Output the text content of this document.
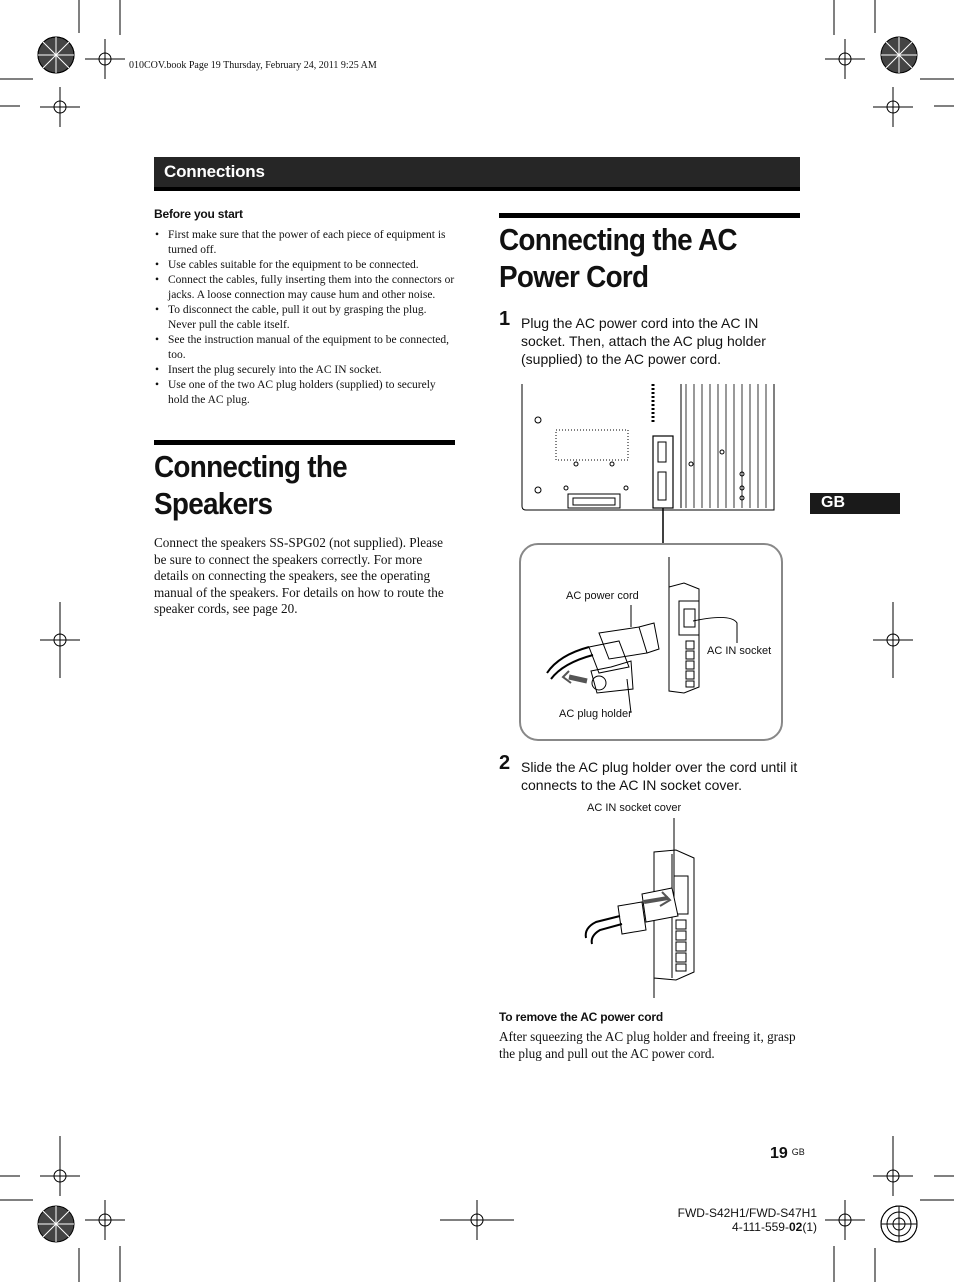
010COV.book Page 19 Thursday, February 24, 2011 9:25 AM
Connections
Before you start
• First make sure that the power of each piece of equipment is turned off.
• Use cables suitable for the equipment to be connected.
• Connect the cables, fully inserting them into the connectors or jacks. A loose connection may cause hum and other noise.
• To disconnect the cable, pull it out by grasping the plug. Never pull the cable itself.
• See the instruction manual of the equipment to be connected, too.
• Insert the plug securely into the AC IN socket.
• Use one of the two AC plug holders (supplied) to securely hold the AC plug.
Connecting the
Speakers
Connect the speakers SS-SPG02 (not supplied). Please be sure to connect the speakers correctly. For more details on connecting the speakers, see the operating manual of the speakers. For details on how to route the speaker cords, see page 20.
Connecting the AC
Power Cord
1 Plug the AC power cord into the AC IN socket. Then, attach the AC plug holder (supplied) to the AC power cord.
AC power cord
AC IN socket
AC plug holder
2 Slide the AC plug holder over the cord until it connects to the AC IN socket cover.
AC IN socket cover
To remove the AC power cord
After squeezing the AC plug holder and freeing it, grasp the plug and pull out the AC power cord.
GB
19 GB
FWD-S42H1/FWD-S47H1
4-111-559-02(1)
